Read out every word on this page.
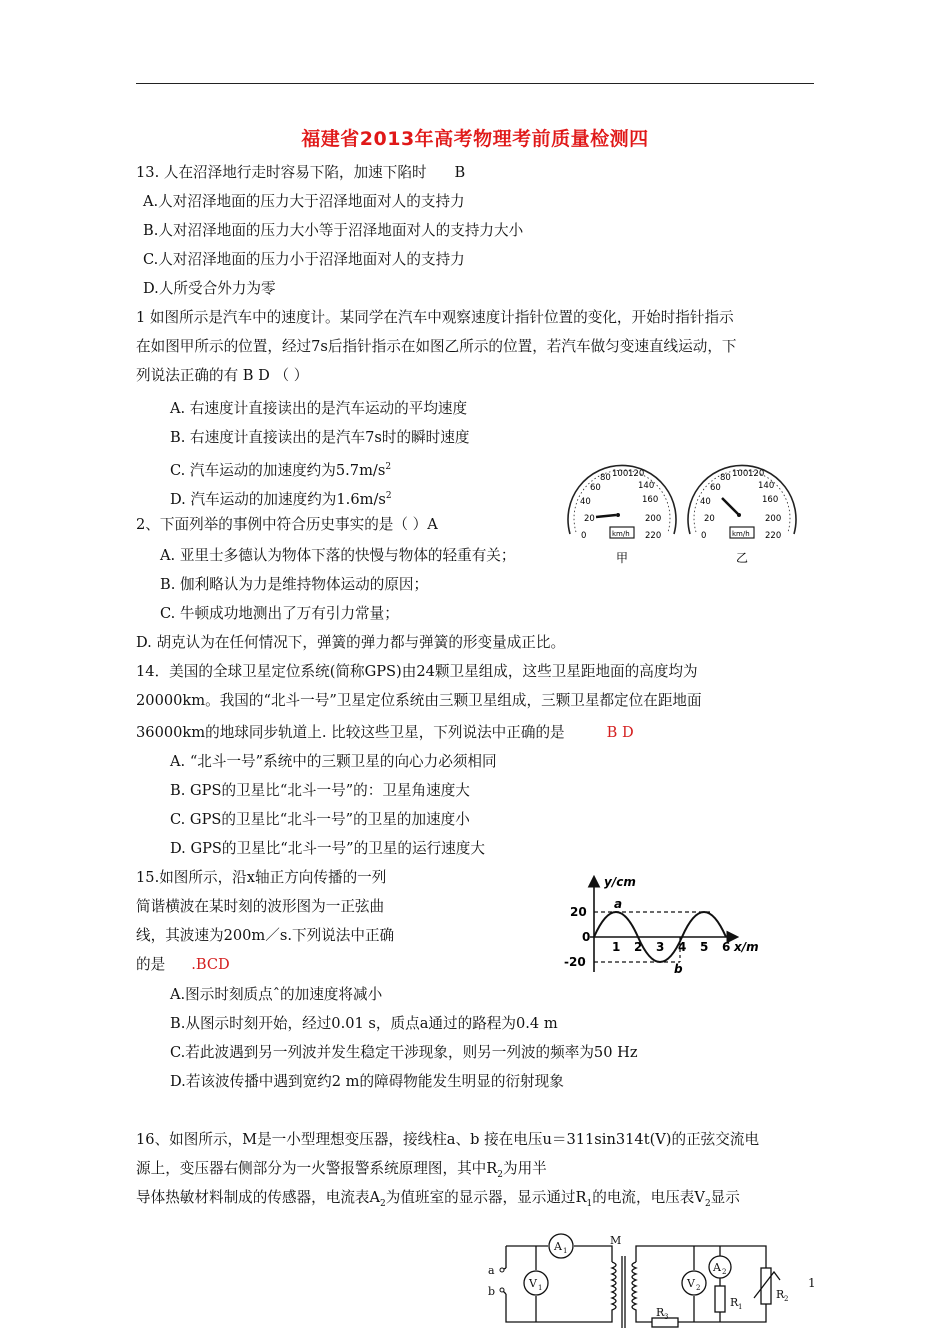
福建省2013年高考物理考前质量检测四
13. 人在沼泽地行走时容易下陷，加速下陷时 B
A.人对沼泽地面的压力大于沼泽地面对人的支持力
B.人对沼泽地面的压力大小等于沼泽地面对人的支持力大小
C.人对沼泽地面的压力小于沼泽地面对人的支持力
D.人所受合外力为零
1 如图所示是汽车中的速度计。某同学在汽车中观察速度计指针位置的变化，开始时指针指示
在如图甲所示的位置，经过7s后指针指示在如图乙所示的位置，若汽车做匀变速直线运动，下
列说法正确的有 B D （ ）
A. 右速度计直接读出的是汽车运动的平均速度
B. 右速度计直接读出的是汽车7s时的瞬时速度
C. 汽车运动的加速度约为$5.7m/s^2$
D. 汽车运动的加速度约为$1.6m/s^2$
0
20
40
60
80 100 120
140
160
200
220
km/h
甲
0
20
40
60
80 100 120
140
160
200
220
km/h
乙
2、下面列举的事例中符合历史事实的是（ ）A
A. 亚里士多德认为物体下落的快慢与物体的轻重有关；
B. 伽利略认为力是维持物体运动的原因；
C. 牛顿成功地测出了万有引力常量；
D. 胡克认为在任何情况下，弹簧的弹力都与弹簧的形变量成正比。
14．美国的全球卫星定位系统(简称GPS)由24颗卫星组成，这些卫星距地面的高度均为
20000km。我国的“北斗一号”卫星定位系统由三颗卫星组成，三颗卫星都定位在距地面
36000km的地球同步轨道上. 比较这些卫星，下列说法中正确的是	B D
A. “北斗一号”系统中的三颗卫星的向心力必须相同
B. GPS的卫星比“北斗一号”的：卫星角速度大
C. GPS的卫星比“北斗一号”的卫星的加速度小
D. GPS的卫星比“北斗一号”的卫星的运行速度大
15.如图所示，沿x轴正方向传播的一列
简谐横波在某时刻的波形图为一正弦曲
线，其波速为200m／s.下列说法中正确
的是 .BCD
y/cm
x/m
20
0
-20
1 2 3 4 5 6
a
b
A.图示时刻质点ˆ的加速度将减小
B.从图示时刻开始，经过0.01 s，质点a通过的路程为0.4 m
C.若此波遇到另一列波并发生稳定干涉现象，则另一列波的频率为50 Hz
D.若该波传播中遇到宽约2 m的障碍物能发生明显的衍射现象
16、如图所示，M是一小型理想变压器，接线柱a、b 接在电压u＝311sin314t(V)的正弦交流电
源上，变压器右侧部分为一火警报警系统原理图，其中$R_2$为用半
导体热敏材料制成的传感器，电流表$A_2$为值班室的显示器，显示通过$R_1$的电流，电压表$V_2$显示
A 1
M
V 1	V 2
A 2
R 1
R 2
R 3
a
b
1
